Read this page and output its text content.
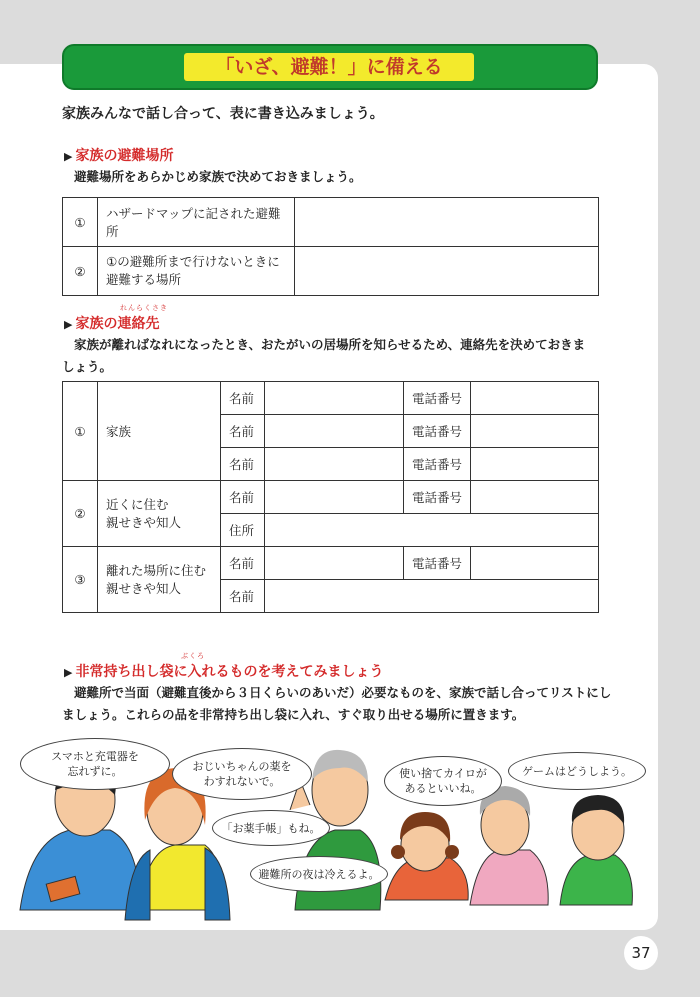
「いざ、避難！」に備える
家族みんなで話し合って、表に書き込みましょう。
▶ 家族の避難場所
避難場所をあらかじめ家族で決めておきましょう。
①	ハザードマップに記された避難所	
②	①の避難所まで行けないときに
避難する場所	

れんらくさき
▶ 家族の連絡先
家族が離ればなれになったとき、おたがいの居場所を知らせるため、連絡先を決めておきま
しょう。
①	家族	名前		電話番号	
		名前		電話番号	
		名前		電話番号	
②	近くに住む
親せきや知人	名前		電話番号	
		住所			
③	離れた場所に住む
親せきや知人	名前		電話番号	
		名前			
ぶくろ
▶ 非常持ち出し袋に入れるものを考えてみましょう
避難所で当面（避難直後から３日くらいのあいだ）必要なものを、家族で話し合ってリストにし
ましょう。これらの品を非常持ち出し袋に入れ、すぐ取り出せる場所に置きます。
スマホと充電器を
忘れずに。	おじいちゃんの薬を
わすれないで。
「お薬手帳」もね。
避難所の夜は冷えるよ。
使い捨てカイロが
あるといいね。
ゲームはどうしよう。
37
